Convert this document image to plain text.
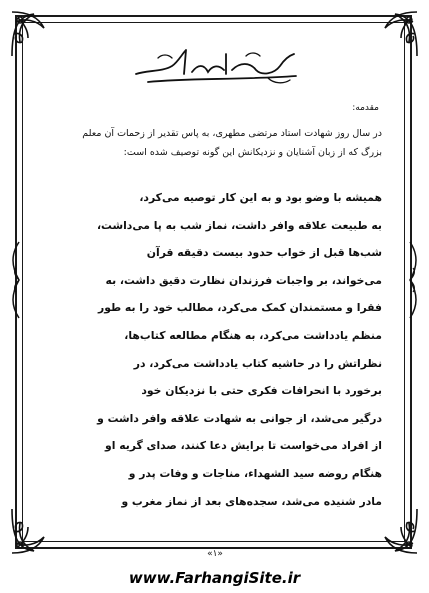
مقدمه:
در سال روز شهادت استاد مرتضی مطهری، به پاس تقدیر از زحمات آن معلم
بزرگ که از زبان آشنایان و نزدیکانش این گونه توصیف شده است:
همیشه با وضو بود و به این کار توصیه می‌کرد،
به طبیعت علاقه وافر داشت، نماز شب به پا می‌داشت،
شب‌ها قبل از خواب حدود بیست دقیقه قرآن
می‌خواند، بر واجبات فرزندان نظارت دقیق داشت، به
فقرا و مستمندان کمک می‌کرد، مطالب خود را به طور
منظم یادداشت می‌کرد، به هنگام مطالعه کتاب‌ها،
نظراتش را در حاشیه کتاب یادداشت می‌کرد، در
برخورد با انحرافات فکری حتی با نزدیکان خود
درگیر می‌شد، از جوانی به شهادت علاقه وافر داشت و
از افراد می‌خواست تا برایش دعا کنند، صدای گریه او
هنگام روضه سید الشهداء، مناجات و وفات پدر و
مادر شنیده می‌شد، سجده‌های بعد از نماز مغرب و
«۱»
www.FarhangiSite.ir
